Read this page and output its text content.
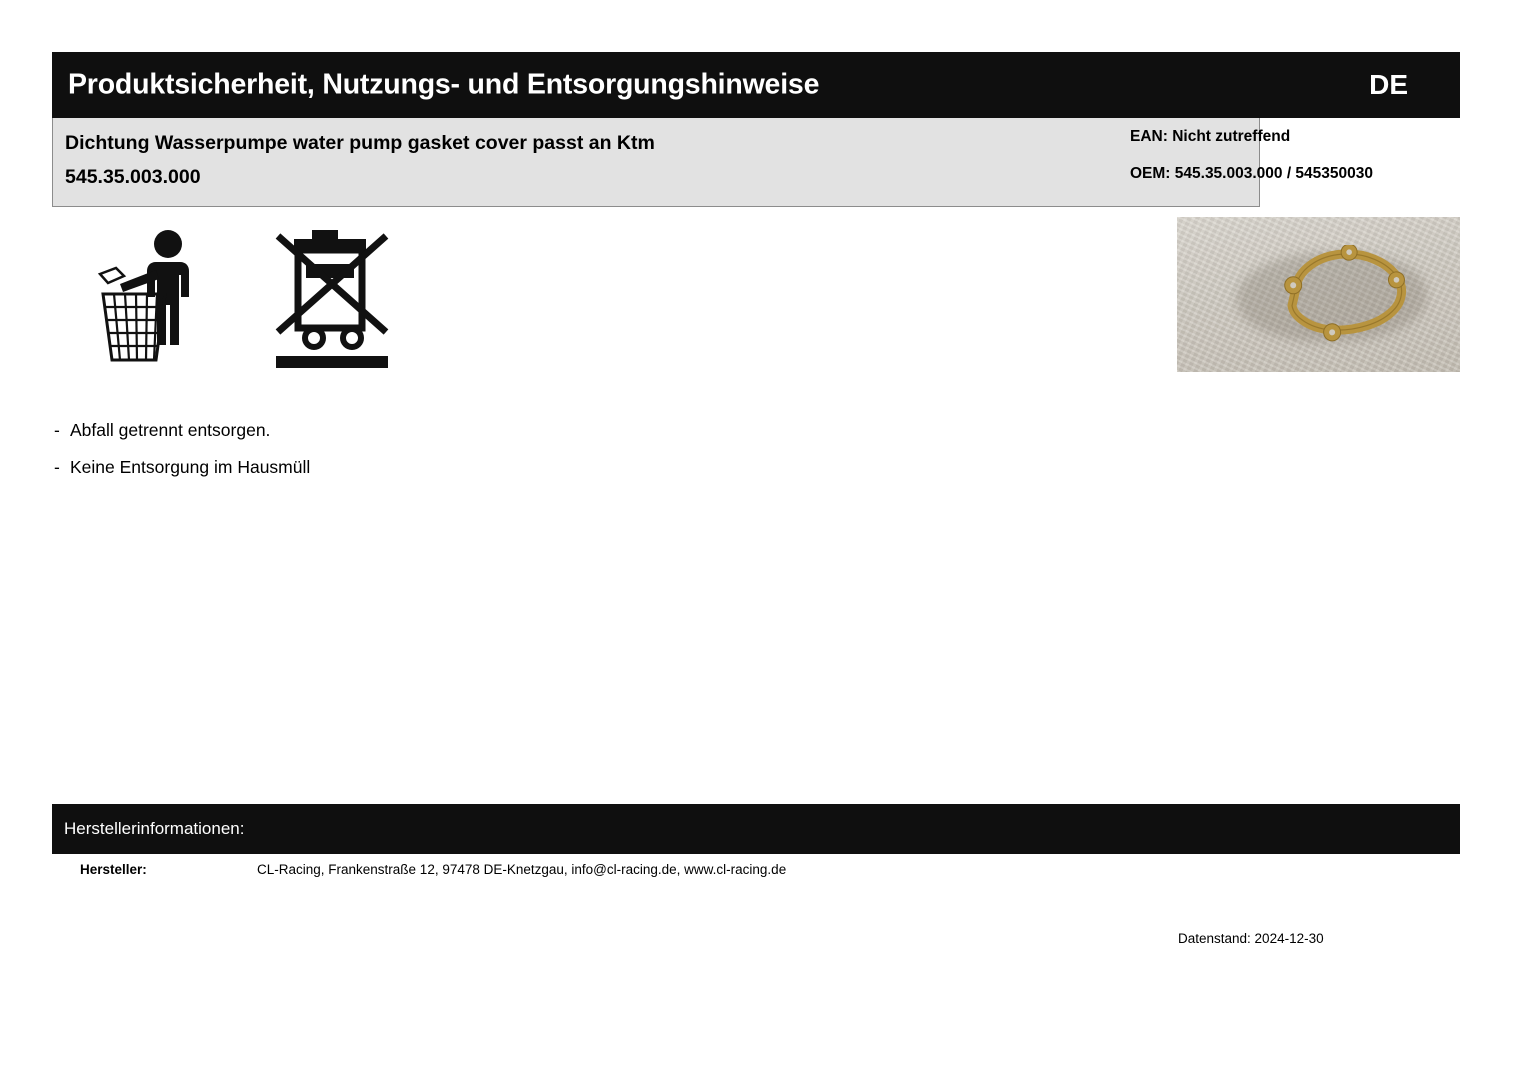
Produktsicherheit, Nutzungs- und Entsorgungshinweise	DE
Dichtung Wasserpumpe water pump gasket cover passt an Ktm
545.35.003.000
EAN: Nicht zutreffend
OEM: 545.35.003.000 / 545350030
- Abfall getrennt entsorgen.
- Keine Entsorgung im Hausmüll
Herstellerinformationen:
Hersteller:	CL-Racing, Frankenstraße 12, 97478 DE-Knetzgau, info@cl-racing.de, www.cl-racing.de
Datenstand: 2024-12-30
